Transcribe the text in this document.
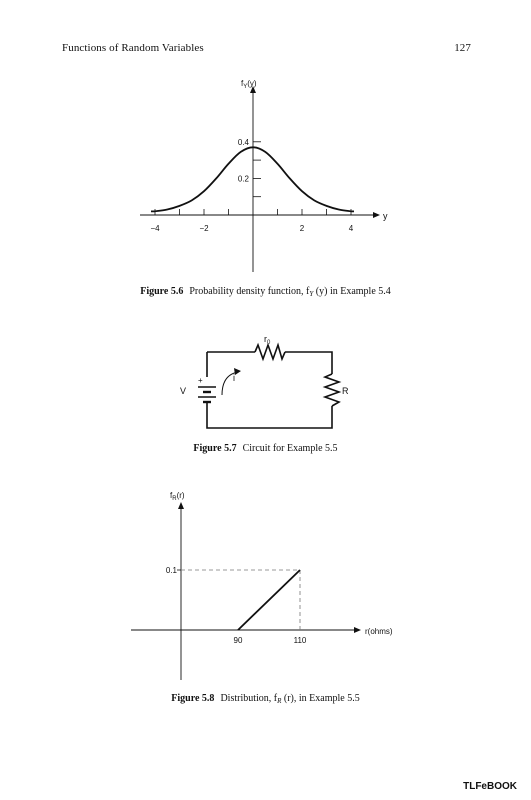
Functions of Random Variables	127
−4	−2	2	4
0.4
0.2
$f_Y(y)$
y
Figure 5.6 Probability density function, $f_Y$ (y) in Example 5.4
$r_0$
R
V
+	i
Figure 5.7 Circuit for Example 5.5
90	110
0.1
$f_R(r)$
r(ohms)
Figure 5.8 Distribution, $f_R$ (r), in Example 5.5
TLFeBOOK
